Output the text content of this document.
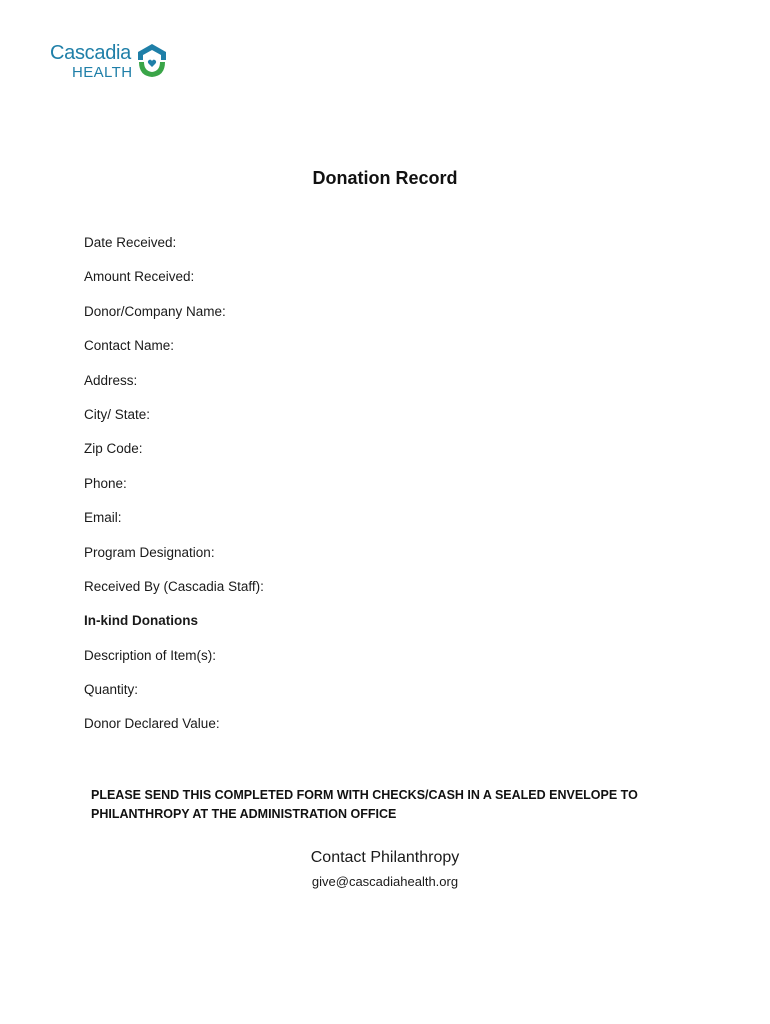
Cascadia
HEALTH
Donation Record
Date Received:
Amount Received:
Donor/Company Name:
Contact Name:
Address:
City/ State:
Zip Code:
Phone:
Email:
Program Designation:
Received By (Cascadia Staff):
In-kind Donations
Description of Item(s):
Quantity:
Donor Declared Value:
PLEASE SEND THIS COMPLETED FORM WITH CHECKS/CASH IN A SEALED ENVELOPE TO PHILANTHROPY AT THE ADMINISTRATION OFFICE
Contact Philanthropy
give@cascadiahealth.org
